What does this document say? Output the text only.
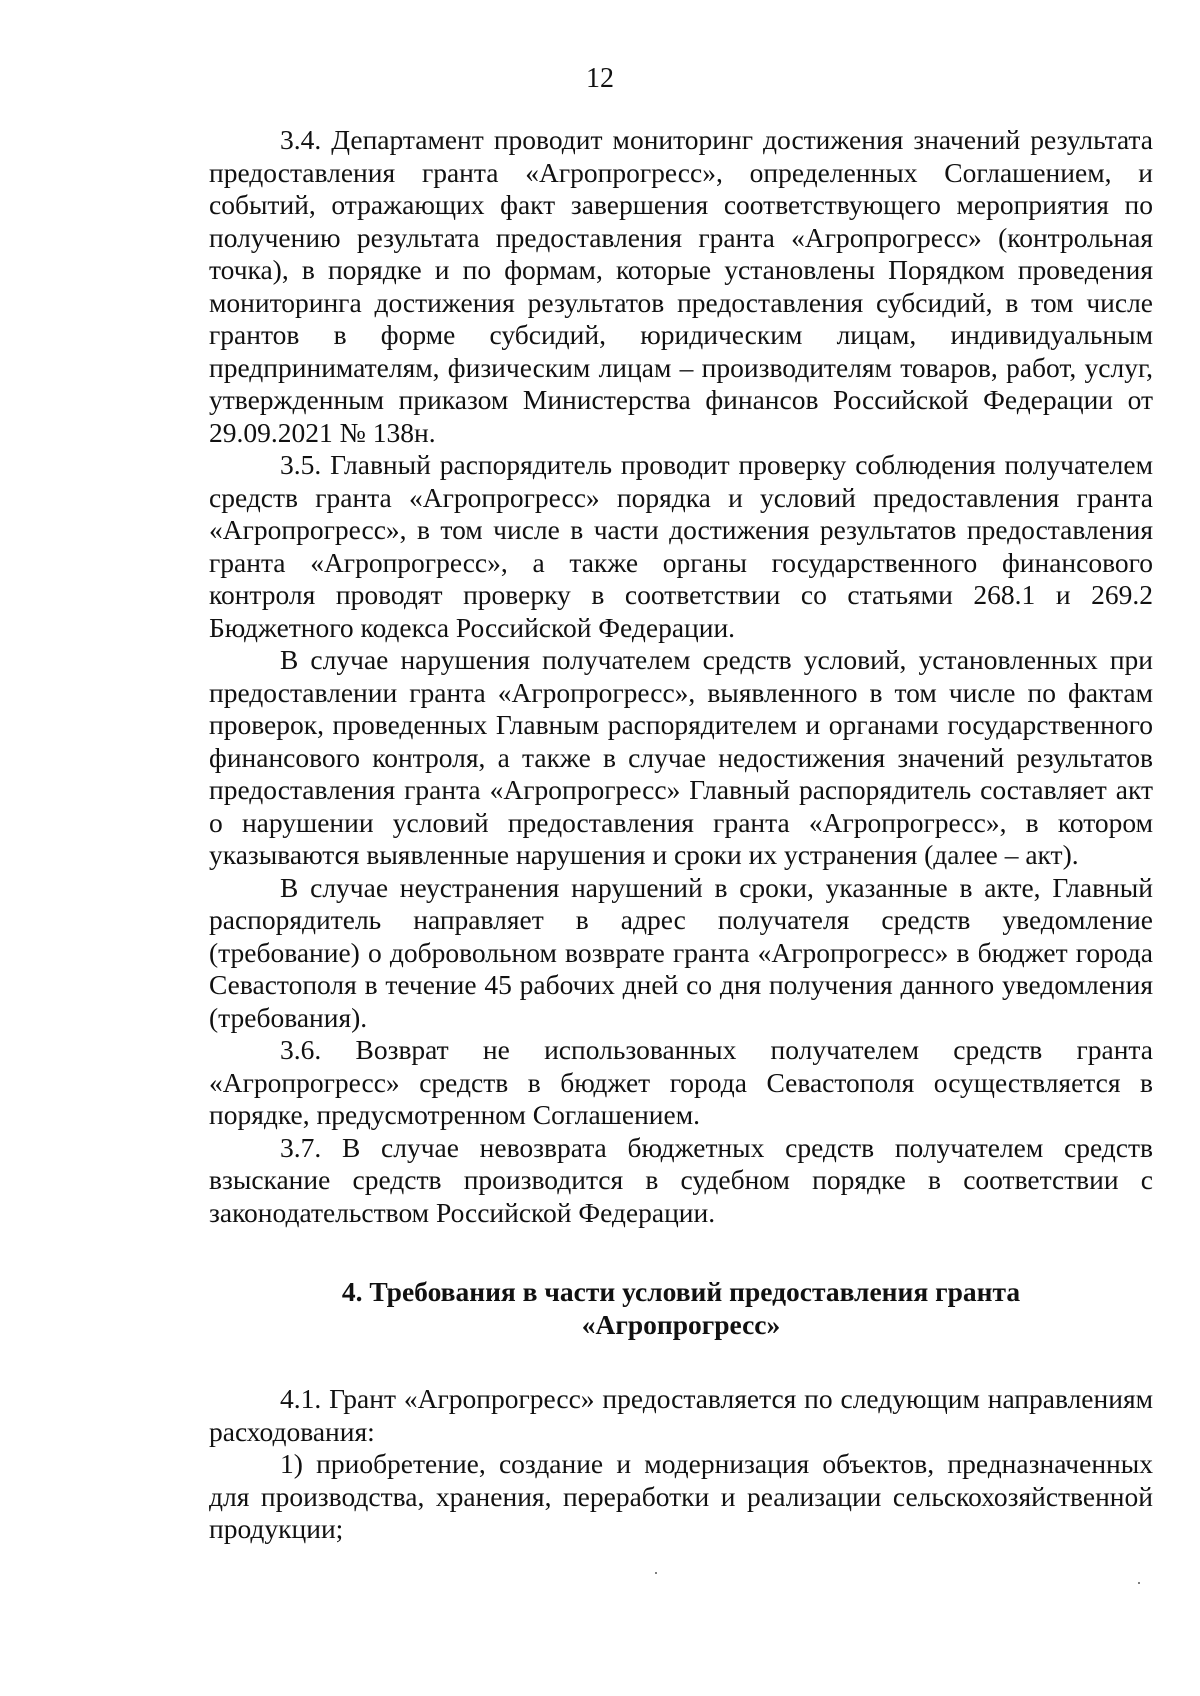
12

3.4. Департамент проводит мониторинг достижения значений результата предоставления гранта «Агропрогресс», определенных Соглашением, и событий, отражающих факт завершения соответствующего мероприятия по получению результата предоставления гранта «Агропрогресс» (контрольная точка), в порядке и по формам, которые установлены Порядком проведения мониторинга достижения результатов предоставления субсидий, в том числе грантов в форме субсидий, юридическим лицам, индивидуальным предпринимателям, физическим лицам – производителям товаров, работ, услуг, утвержденным приказом Министерства финансов Российской Федерации от 29.09.2021 № 138н.

3.5. Главный распорядитель проводит проверку соблюдения получателем средств гранта «Агропрогресс» порядка и условий предоставления гранта «Агропрогресс», в том числе в части достижения результатов предоставления гранта «Агропрогресс», а также органы государственного финансового контроля проводят проверку в соответствии со статьями 268.1 и 269.2 Бюджетного кодекса Российской Федерации.

В случае нарушения получателем средств условий, установленных при предоставлении гранта «Агропрогресс», выявленного в том числе по фактам проверок, проведенных Главным распорядителем и органами государственного финансового контроля, а также в случае недостижения значений результатов предоставления гранта «Агропрогресс» Главный распорядитель составляет акт о нарушении условий предоставления гранта «Агропрогресс», в котором указываются выявленные нарушения и сроки их устранения (далее – акт).

В случае неустранения нарушений в сроки, указанные в акте, Главный распорядитель направляет в адрес получателя средств уведомление (требование) о добровольном возврате гранта «Агропрогресс» в бюджет города Севастополя в течение 45 рабочих дней со дня получения данного уведомления (требования).

3.6. Возврат не использованных получателем средств гранта «Агропрогресс» средств в бюджет города Севастополя осуществляется в порядке, предусмотренном Соглашением.

3.7. В случае невозврата бюджетных средств получателем средств взыскание средств производится в судебном порядке в соответствии с законодательством Российской Федерации.

4. Требования в части условий предоставления гранта
«Агропрогресс»

4.1. Грант «Агропрогресс» предоставляется по следующим направлениям расходования:

1) приобретение, создание и модернизация объектов, предназначенных для производства, хранения, переработки и реализации сельскохозяйственной продукции;
